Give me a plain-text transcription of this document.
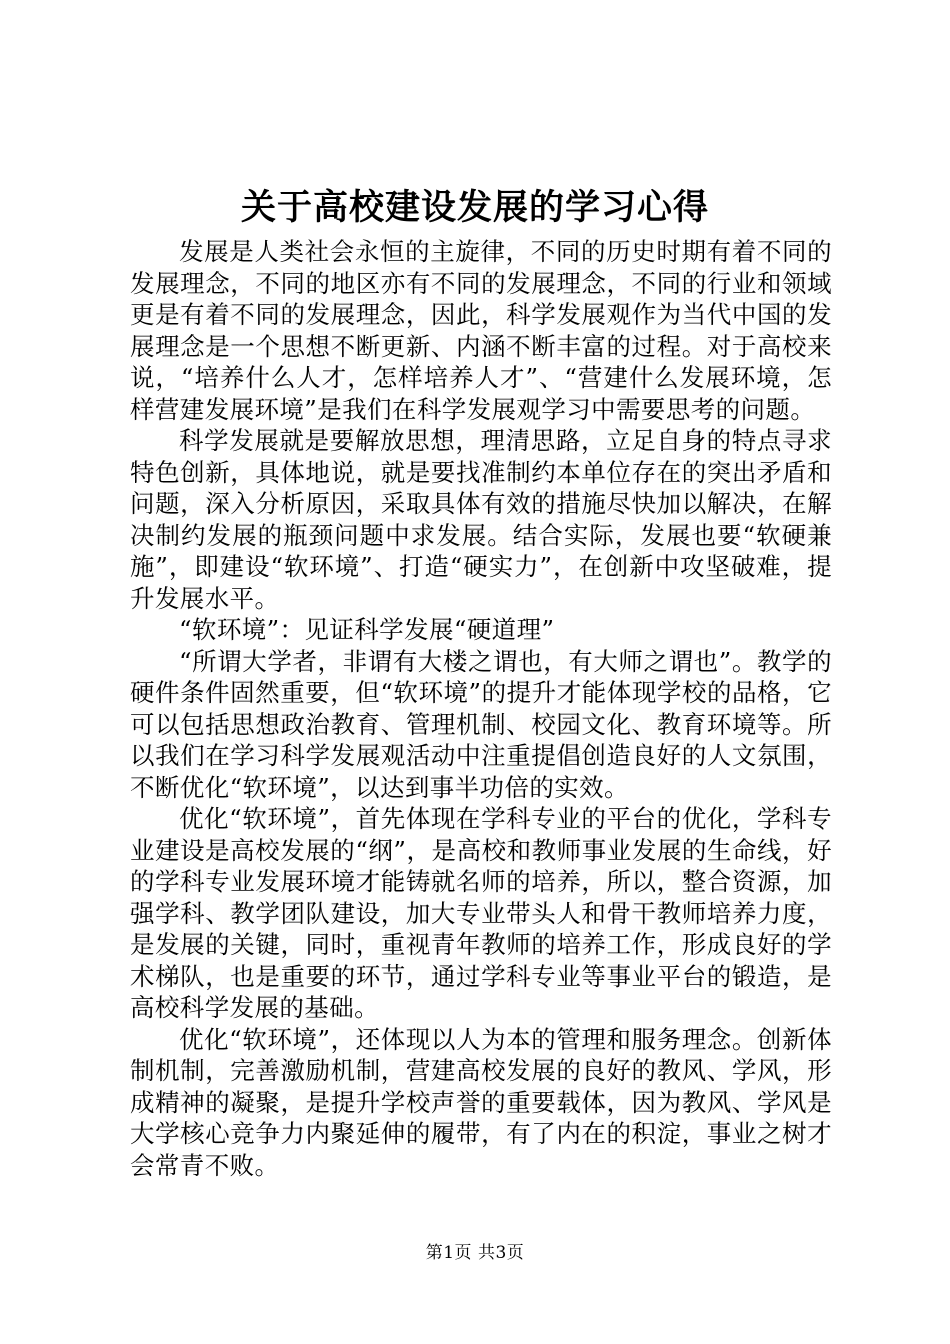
关于高校建设发展的学习心得

发展是人类社会永恒的主旋律，不同的历史时期有着不同的发展理念，不同的地区亦有不同的发展理念，不同的行业和领域更是有着不同的发展理念，因此，科学发展观作为当代中国的发展理念是一个思想不断更新、内涵不断丰富的过程。对于高校来说，“培养什么人才，怎样培养人才”、“营建什么发展环境，怎样营建发展环境”是我们在科学发展观学习中需要思考的问题。

科学发展就是要解放思想，理清思路，立足自身的特点寻求特色创新，具体地说，就是要找准制约本单位存在的突出矛盾和问题，深入分析原因，采取具体有效的措施尽快加以解决，在解决制约发展的瓶颈问题中求发展。结合实际，发展也要“软硬兼施”，即建设“软环境”、打造“硬实力”，在创新中攻坚破难，提升发展水平。

“软环境”：见证科学发展“硬道理”

“所谓大学者，非谓有大楼之谓也，有大师之谓也”。教学的硬件条件固然重要，但“软环境”的提升才能体现学校的品格，它可以包括思想政治教育、管理机制、校园文化、教育环境等。所以我们在学习科学发展观活动中注重提倡创造良好的人文氛围，不断优化“软环境”，以达到事半功倍的实效。

优化“软环境”，首先体现在学科专业的平台的优化，学科专业建设是高校发展的“纲”，是高校和教师事业发展的生命线，好的学科专业发展环境才能铸就名师的培养，所以，整合资源，加强学科、教学团队建设，加大专业带头人和骨干教师培养力度，是发展的关键，同时，重视青年教师的培养工作，形成良好的学术梯队，也是重要的环节，通过学科专业等事业平台的锻造，是高校科学发展的基础。

优化“软环境”，还体现以人为本的管理和服务理念。创新体制机制，完善激励机制，营建高校发展的良好的教风、学风，形成精神的凝聚，是提升学校声誉的重要载体，因为教风、学风是大学核心竞争力内聚延伸的履带，有了内在的积淀，事业之树才会常青不败。

第1页 共3页
